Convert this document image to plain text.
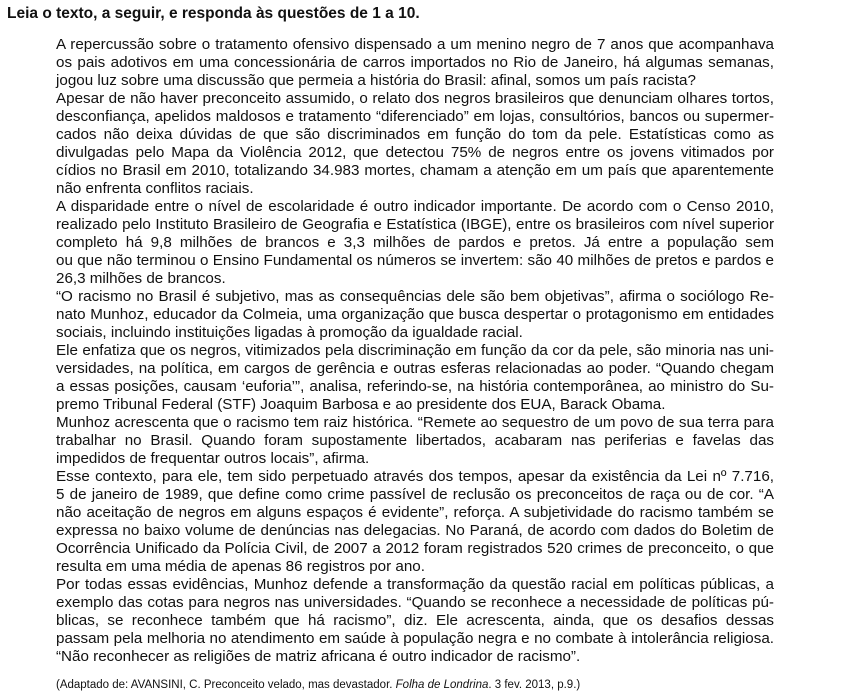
Leia o texto, a seguir, e responda às questões de 1 a 10.
A repercussão sobre o tratamento ofensivo dispensado a um menino negro de 7 anos que acompanhava
os pais adotivos em uma concessionária de carros importados no Rio de Janeiro, há algumas semanas,
jogou luz sobre uma discussão que permeia a história do Brasil: afinal, somos um país racista?
Apesar de não haver preconceito assumido, o relato dos negros brasileiros que denunciam olhares tortos,
desconfiança, apelidos maldosos e tratamento “diferenciado” em lojas, consultórios, bancos ou supermer-
cados não deixa dúvidas de que são discriminados em função do tom da pele. Estatísticas como as
divulgadas pelo Mapa da Violência 2012, que detectou 75% de negros entre os jovens vitimados por
cídios no Brasil em 2010, totalizando 34.983 mortes, chamam a atenção em um país que aparentemente
não enfrenta conflitos raciais.
A disparidade entre o nível de escolaridade é outro indicador importante. De acordo com o Censo 2010,
realizado pelo Instituto Brasileiro de Geografia e Estatística (IBGE), entre os brasileiros com nível superior
completo há 9,8 milhões de brancos e 3,3 milhões de pardos e pretos. Já entre a população sem
ou que não terminou o Ensino Fundamental os números se invertem: são 40 milhões de pretos e pardos e
26,3 milhões de brancos.
“O racismo no Brasil é subjetivo, mas as consequências dele são bem objetivas”, afirma o sociólogo Re-
nato Munhoz, educador da Colmeia, uma organização que busca despertar o protagonismo em entidades
sociais, incluindo instituições ligadas à promoção da igualdade racial.
Ele enfatiza que os negros, vitimizados pela discriminação em função da cor da pele, são minoria nas uni-
versidades, na política, em cargos de gerência e outras esferas relacionadas ao poder. “Quando chegam
a essas posições, causam ‘euforia’”, analisa, referindo-se, na história contemporânea, ao ministro do Su-
premo Tribunal Federal (STF) Joaquim Barbosa e ao presidente dos EUA, Barack Obama.
Munhoz acrescenta que o racismo tem raiz histórica. “Remete ao sequestro de um povo de sua terra para
trabalhar no Brasil. Quando foram supostamente libertados, acabaram nas periferias e favelas das
impedidos de frequentar outros locais”, afirma.
Esse contexto, para ele, tem sido perpetuado através dos tempos, apesar da existência da Lei nº 7.716,
5 de janeiro de 1989, que define como crime passível de reclusão os preconceitos de raça ou de cor. “A
não aceitação de negros em alguns espaços é evidente”, reforça. A subjetividade do racismo também se
expressa no baixo volume de denúncias nas delegacias. No Paraná, de acordo com dados do Boletim de
Ocorrência Unificado da Polícia Civil, de 2007 a 2012 foram registrados 520 crimes de preconceito, o que
resulta em uma média de apenas 86 registros por ano.
Por todas essas evidências, Munhoz defende a transformação da questão racial em políticas públicas, a
exemplo das cotas para negros nas universidades. “Quando se reconhece a necessidade de políticas pú-
blicas, se reconhece também que há racismo”, diz. Ele acrescenta, ainda, que os desafios dessas
passam pela melhoria no atendimento em saúde à população negra e no combate à intolerância religiosa.
“Não reconhecer as religiões de matriz africana é outro indicador de racismo”.
(Adaptado de: AVANSINI, C. Preconceito velado, mas devastador. Folha de Londrina. 3 fev. 2013, p.9.)
